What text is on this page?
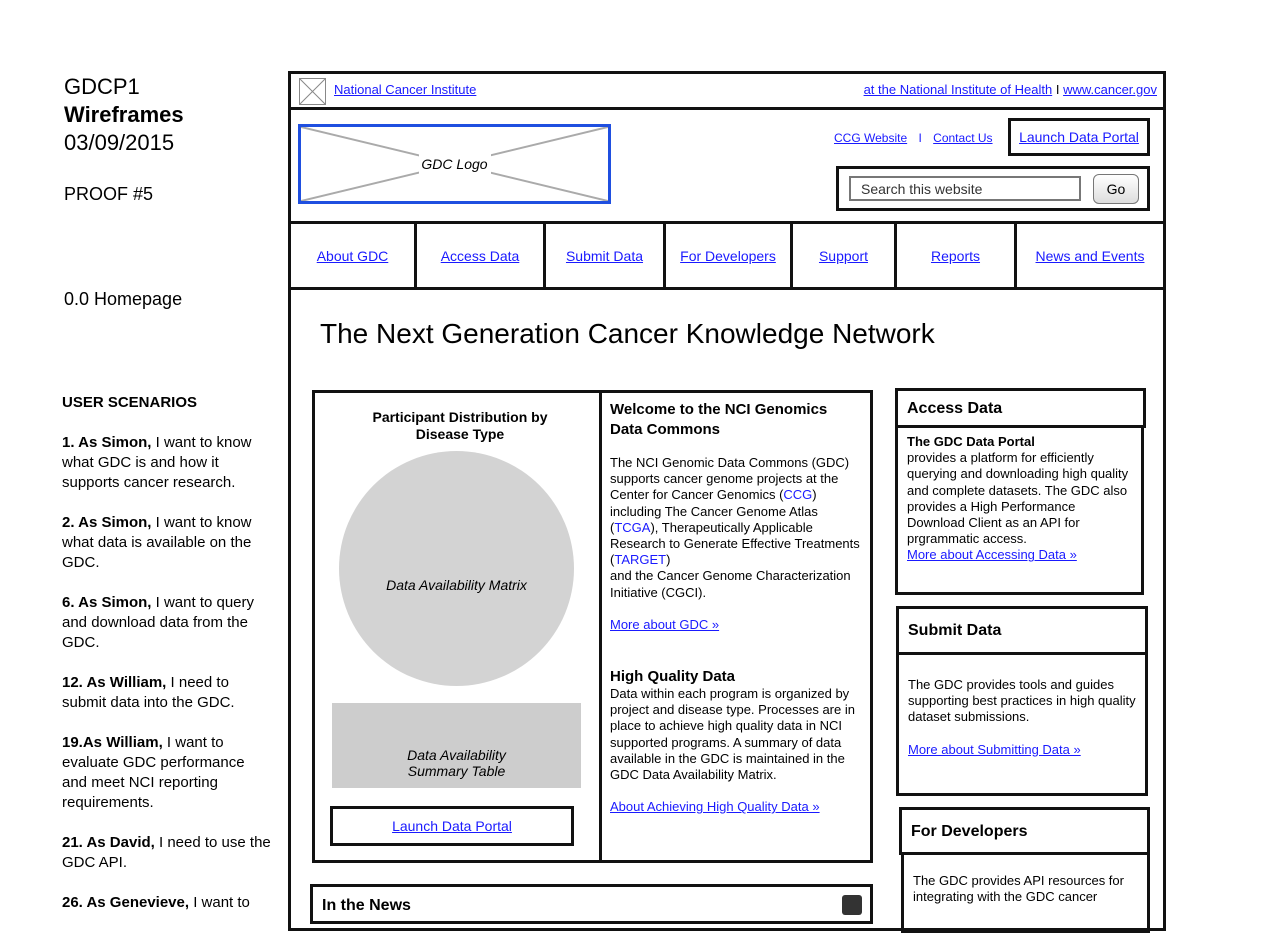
GDCP1
Wireframes
03/09/2015
PROOF #5
0.0 Homepage
USER SCENARIOS

1. As Simon, I want to know what GDC is and how it supports cancer research.

2. As Simon, I want to know what data is available on the GDC.

6. As Simon, I want to query and download data from the GDC.

12. As William, I need to submit data into the GDC.

19.As William, I want to evaluate GDC performance and meet NCI reporting requirements.

21. As David, I need to use the GDC API.

26. As Genevieve, I want to

National Cancer Institute	at the National Institute of Health I www.cancer.gov
GDC Logo
CCG Website I Contact Us	Launch Data Portal
Search this website
Go
About GDC	Access Data	Submit Data	For Developers	Support	Reports	News and Events
The Next Generation Cancer Knowledge Network
Participant Distribution by Disease Type
Data Availability Matrix
Data Availability
Summary Table
Launch Data Portal
Welcome to the NCI Genomics Data Commons

The NCI Genomic Data Commons (GDC) supports cancer genome projects at the Center for Cancer Genomics (CCG) including The Cancer Genome Atlas (TCGA), Therapeutically Applicable Research to Generate Effective Treatments (TARGET)
and the Cancer Genome Characterization Initiative (CGCI).

More about GDC »

High Quality Data
Data within each program is organized by project and disease type. Processes are in place to achieve high quality data in NCI supported programs. A summary of data available in the GDC is maintained in the GDC Data Availability Matrix.
About Achieving High Quality Data »
Access Data
The GDC Data Portal
provides a platform for efficiently querying and downloading high quality and complete datasets. The GDC also provides a High Performance Download Client as an API for prgrammatic access.
More about Accessing Data »
Submit Data
The GDC provides tools and guides supporting best practices in high quality dataset submissions.
More about Submitting Data »
For Developers
The GDC provides API resources for integrating with the GDC cancer
In the News
